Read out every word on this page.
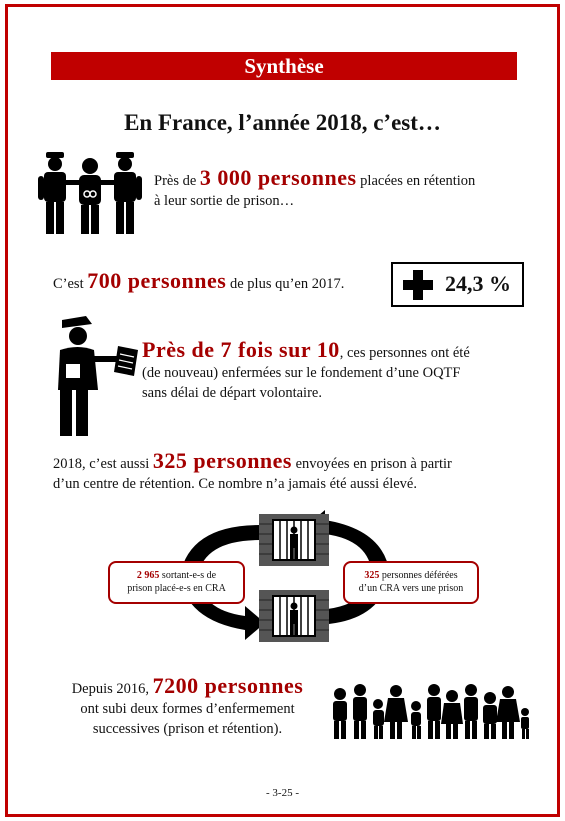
Synthèse
En France, l’année 2018, c’est…
Près de 3 000 personnes placées en rétention
à leur sortie de prison…
C’est 700 personnes de plus qu’en 2017.	24,3 %
Près de 7 fois sur 10, ces personnes ont été
(de nouveau) enfermées sur le fondement d’une OQTF
sans délai de départ volontaire.
2018, c’est aussi 325 personnes envoyées en prison à partir
d’un centre de rétention. Ce nombre n’a jamais été aussi élevé.
2 965 sortant-e-s de
prison placé-e-s en CRA
325 personnes déférées
d’un CRA vers une prison
Depuis 2016, 7200 personnes
ont subi deux formes d’enfermement
successives (prison et rétention).
- 3-25 -
